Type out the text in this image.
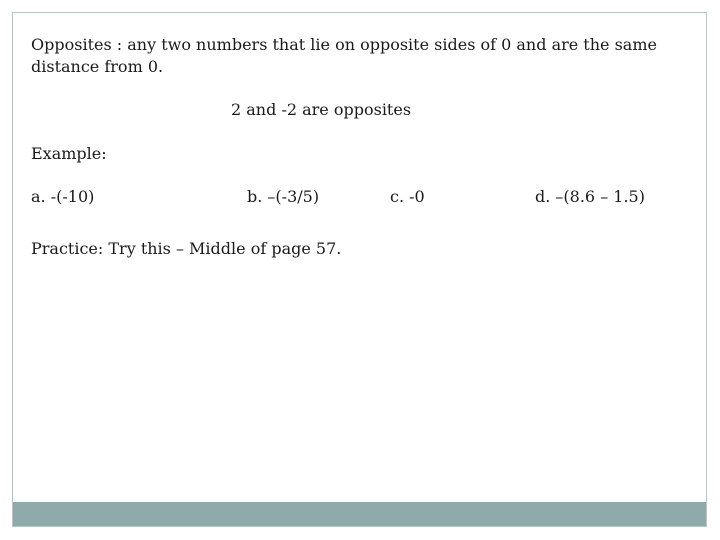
Opposites : any two numbers that lie on opposite sides of 0 and are the same
distance from 0.
2 and -2 are opposites
Example:
a. -(-10)	b. –(-3/5)	c. -0	d. –(8.6 – 1.5)
Practice: Try this – Middle of page 57.
